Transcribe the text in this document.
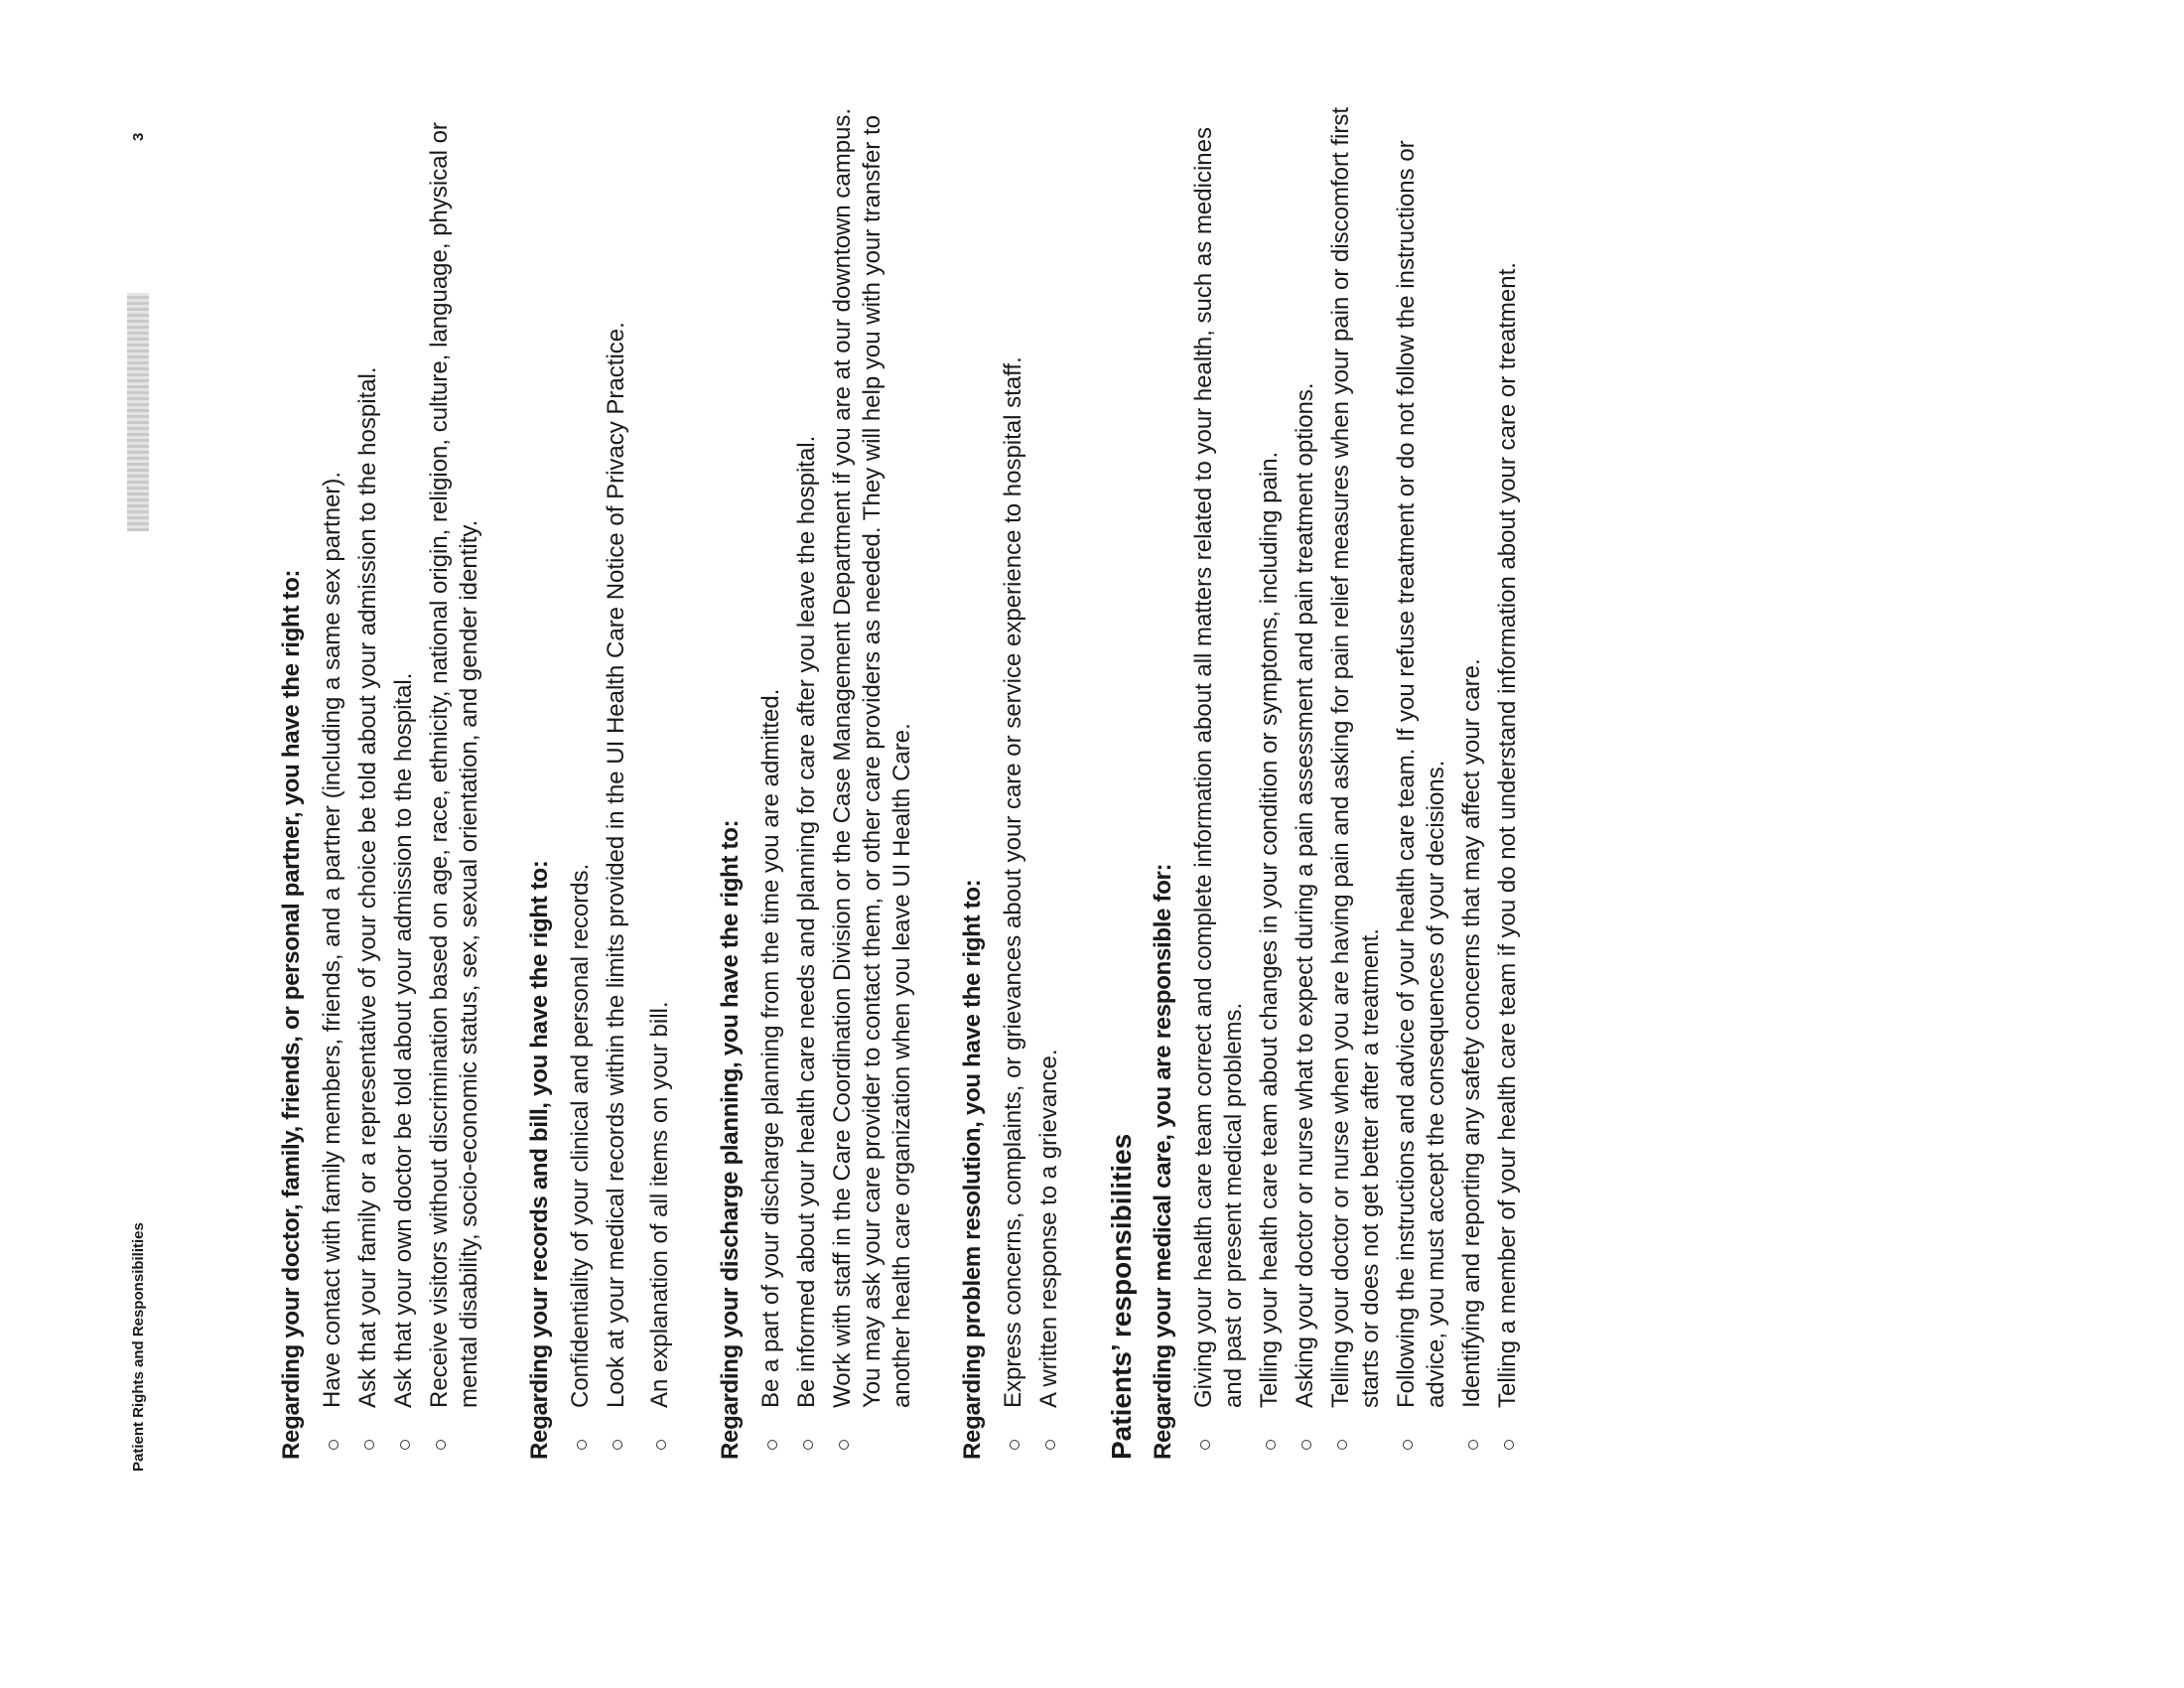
Patient Rights and Responsibilities
3
Regarding your doctor, family, friends, or personal partner, you have the right to: Have contact with family members, friends, and a partner (including a same sex partner). Ask that your family or a representative of your choice be told about your admission to the hospital. Ask that your own doctor be told about your admission to the hospital. Receive visitors without discrimination based on age, race, ethnicity, national origin, religion, culture, language, physical or mental disability, socio-economic status, sex, sexual orientation, and gender identity. Regarding your records and bill, you have the right to: Confidentiality of your clinical and personal records. Look at your medical records within the limits provided in the UI Health Care Notice of Privacy Practice. An explanation of all items on your bill. Regarding your discharge planning, you have the right to: Be a part of your discharge planning from the time you are admitted. Be informed about your health care needs and planning for care after you leave the hospital. Work with staff in the Care Coordination Division or the Case Management Department if you are at our downtown campus. You may ask your care provider to contact them, or other care providers as needed. They will help you with your transfer to another health care organization when you leave UI Health Care. Regarding problem resolution, you have the right to: Express concerns, complaints, or grievances about your care or service experience to hospital staff. A written response to a grievance. Patients’ responsibilities Regarding your medical care, you are responsible for: Giving your health care team correct and complete information about all matters related to your health, such as medicines and past or present medical problems. Telling your health care team about changes in your condition or symptoms, including pain. Asking your doctor or nurse what to expect during a pain assessment and pain treatment options. Telling your doctor or nurse when you are having pain and asking for pain relief measures when your pain or discomfort first starts or does not get better after a treatment. Following the instructions and advice of your health care team. If you refuse treatment or do not follow the instructions or advice, you must accept the consequences of your decisions. Identifying and reporting any safety concerns that may affect your care. Telling a member of your health care team if you do not understand information about your care or treatment.
